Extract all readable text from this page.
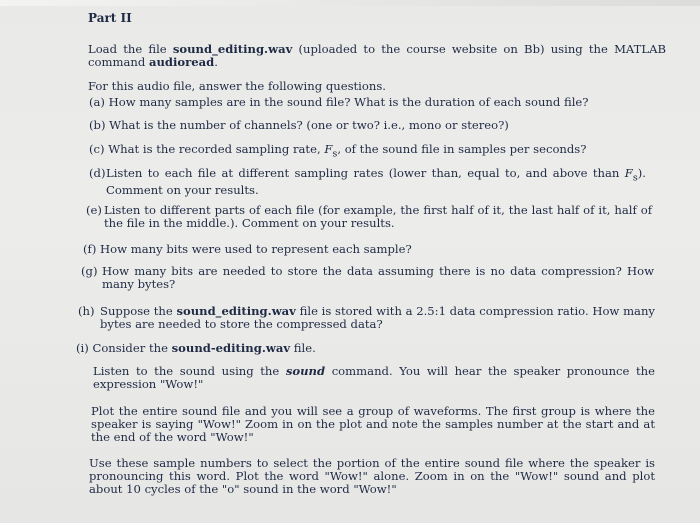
Part II
Load the file sound_editing.wav (uploaded to the course website on Bb) using the MATLAB command audioread.
For this audio file, answer the following questions.
(a) How many samples are in the sound file? What is the duration of each sound file?
(b) What is the number of channels? (one or two? i.e., mono or stereo?)
(c) What is the recorded sampling rate, $F_s$, of the sound file in samples per seconds?
(d) Listen to each file at different sampling rates (lower than, equal to, and above than $F_s$). Comment on your results.
(e) Listen to different parts of each file (for example, the first half of it, the last half of it, half of the file in the middle.). Comment on your results.
(f) How many bits were used to represent each sample?
(g) How many bits are needed to store the data assuming there is no data compression? How many bytes?
(h) Suppose the sound_editing.wav file is stored with a 2.5:1 data compression ratio. How many bytes are needed to store the compressed data?
(i) Consider the sound-editing.wav file.
Listen to the sound using the sound command. You will hear the speaker pronounce the expression "Wow!"
Plot the entire sound file and you will see a group of waveforms. The first group is where the speaker is saying "Wow!" Zoom in on the plot and note the samples number at the start and at the end of the word "Wow!"
Use these sample numbers to select the portion of the entire sound file where the speaker is pronouncing this word. Plot the word "Wow!" alone. Zoom in on the "Wow!" sound and plot about 10 cycles of the "o" sound in the word "Wow!"
